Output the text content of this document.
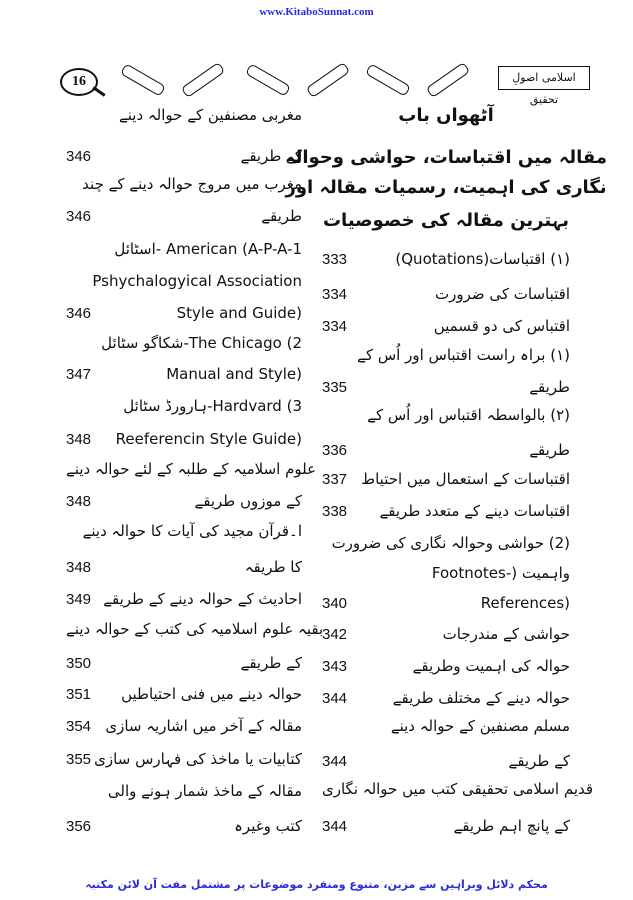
www.KitaboSunnat.com
16	اسلامی اصولِ تحقیق
آٹھواں باب
مقالہ میں اقتباسات، حواشی وحوالہ
نگاری کی اہمیت، رسمیات مقالہ اور
بہترین مقالہ کی خصوصیات
333	(۱) اقتباسات(Quotations)
334	اقتباسات کی ضرورت
334	اقتباس کی دو قسمیں
(۱) براہ راست اقتباس اور اُس کے
335	طریقے
(۲) بالواسطہ اقتباس اور اُس کے
336	طریقے
337 اقتباسات کے استعمال میں احتیاط
338	اقتباسات دینے کے متعدد طریقے
(2) حواشی وحوالہ نگاری کی ضرورت
واہمیت (-Footnotes
340	(References
342	حواشی کے مندرجات
343	حوالہ کی اہمیت وطریقے
344	حوالہ دینے کے مختلف طریقے
مسلم مصنفین کے حوالہ دینے
344	کے طریقے
قدیم اسلامی تحقیقی کتب میں حوالہ نگاری
344	کے پانچ اہم طریقے
مغربی مصنفین کے حوالہ دینے
346	کے طریقے
مغرب میں مروج حوالہ دینے کے چند
346	طریقے
American (A-P-A-1 -اسٹائل
Pshychalogyical Association
346	(Style and Guide
The Chicago (2-شکاگو سٹائل
347	(Manual and Style
Hardvard (3-ہارورڈ سٹائل
348	(Reeferencin Style Guide
علوم اسلامیہ کے طلبہ کے لئے حوالہ دینے
348	کے موزوں طریقے
ا۔قرآن مجید کی آیات کا حوالہ دینے
348	کا طریقہ
349 احادیث کے حوالہ دینے کے طریقے
بقیہ علوم اسلامیہ کی کتب کے حوالہ دینے
350	کے طریقے
351	حوالہ دینے میں فنی احتیاطیں
354 مقالہ کے آخر میں اشاریہ سازی
355 کتابیات یا ماخذ کی فہارس سازی
مقالہ کے ماخذ شمار ہونے والی
356	کتب وغیرہ
محکم دلائل وبراہین سے مزین، متنوع ومنفرد موضوعات پر مشتمل مفت آن لائن مکتبہ
